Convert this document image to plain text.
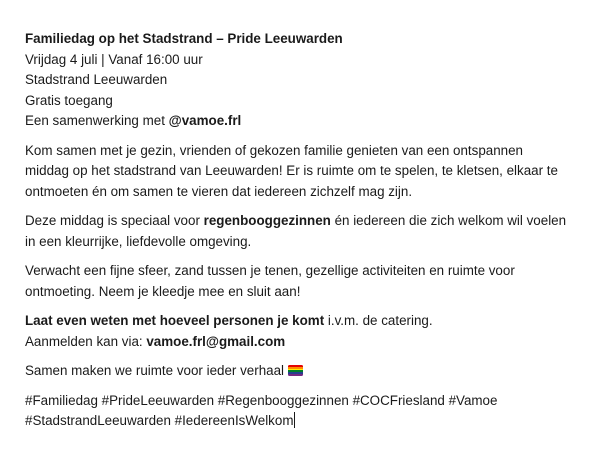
Familiedag op het Stadstrand – Pride Leeuwarden
Vrijdag 4 juli | Vanaf 16:00 uur
Stadstrand Leeuwarden
Gratis toegang
Een samenwerking met @vamoe.frl
Kom samen met je gezin, vrienden of gekozen familie genieten van een ontspannen middag op het stadstrand van Leeuwarden! Er is ruimte om te spelen, te kletsen, elkaar te ontmoeten én om samen te vieren dat iedereen zichzelf mag zijn.
Deze middag is speciaal voor regenbooggezinnen én iedereen die zich welkom wil voelen in een kleurrijke, liefdevolle omgeving.
Verwacht een fijne sfeer, zand tussen je tenen, gezellige activiteiten en ruimte voor ontmoeting. Neem je kleedje mee en sluit aan!
Laat even weten met hoeveel personen je komt i.v.m. de catering.
Aanmelden kan via: vamoe.frl@gmail.com
Samen maken we ruimte voor ieder verhaal
#Familiedag #PrideLeeuwarden #Regenbooggezinnen #COCFriesland #Vamoe
#StadstrandLeeuwarden #IedereenIsWelkom
